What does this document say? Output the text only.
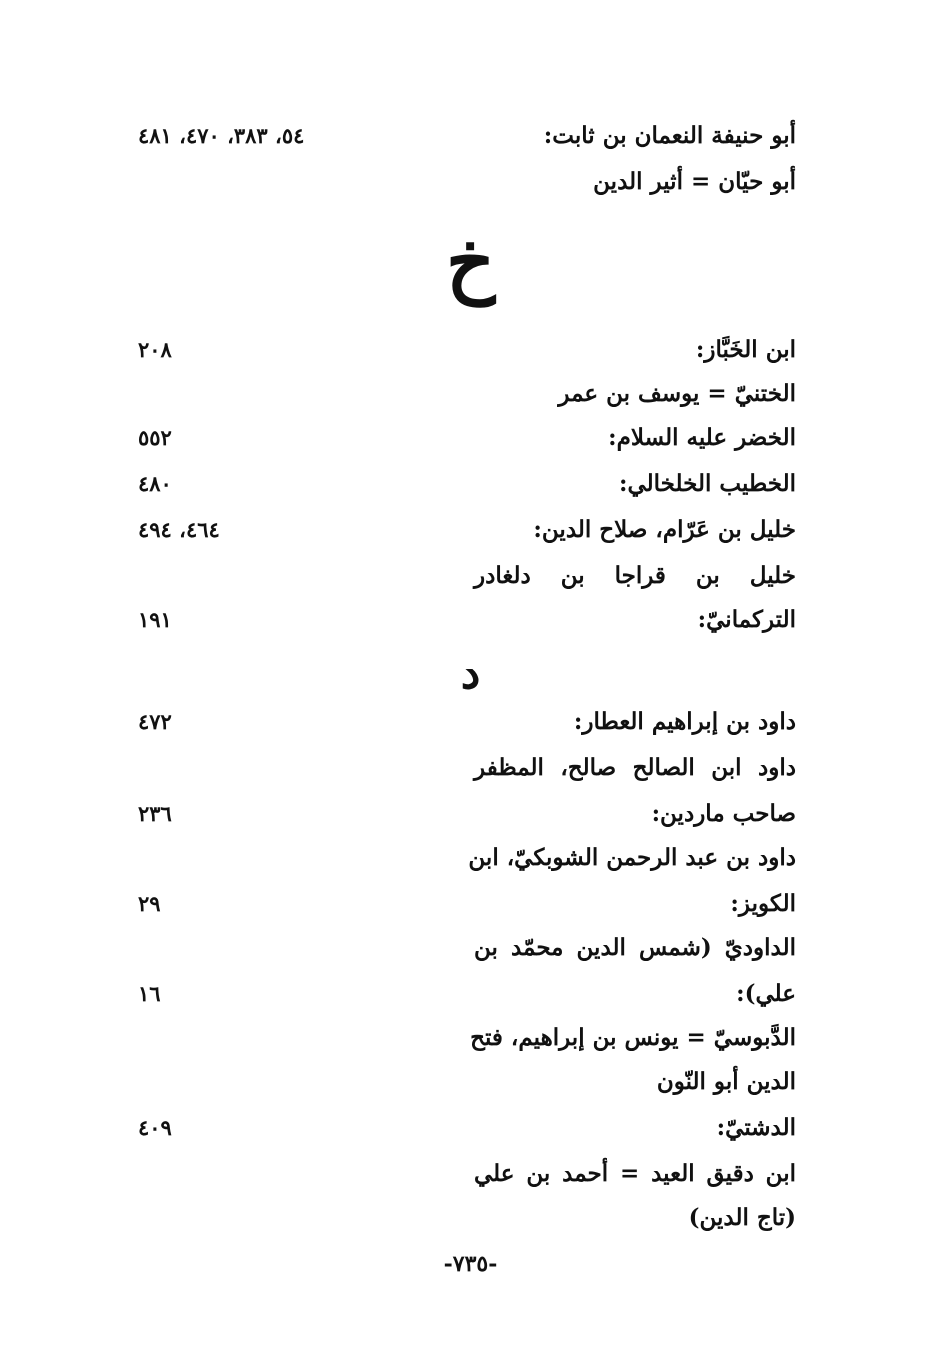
أبو حنيفة النعمان بن ثابت:
٥٤، ٣٨٣، ٤٧٠، ٤٨١
أبو حيّان = أثير الدين
خ
ابن الخَبَّاز:
٢٠٨
الختنيّ = يوسف بن عمر
الخضر عليه السلام:
٥٥٢
الخطيب الخلخالي:
٤٨٠
خليل بن عَرّام، صلاح الدين:
٤٦٤، ٤٩٤
خليل بن قراجا بن دلغادر
التركمانيّ:
١٩١
د
داود بن إبراهيم العطار:
٤٧٢
داود ابن الصالح صالح، المظفر
صاحب ماردين:
٢٣٦
داود بن عبد الرحمن الشوبكيّ، ابن
الكويز:
٢٩
الداوديّ (شمس الدين محمّد بن
علي):
١٦
الدَّبوسيّ = يونس بن إبراهيم، فتح
الدين أبو النّون
الدشتيّ:
٤٠٩
ابن دقيق العيد = أحمد بن علي
(تاج الدين)
-٧٣٥-
